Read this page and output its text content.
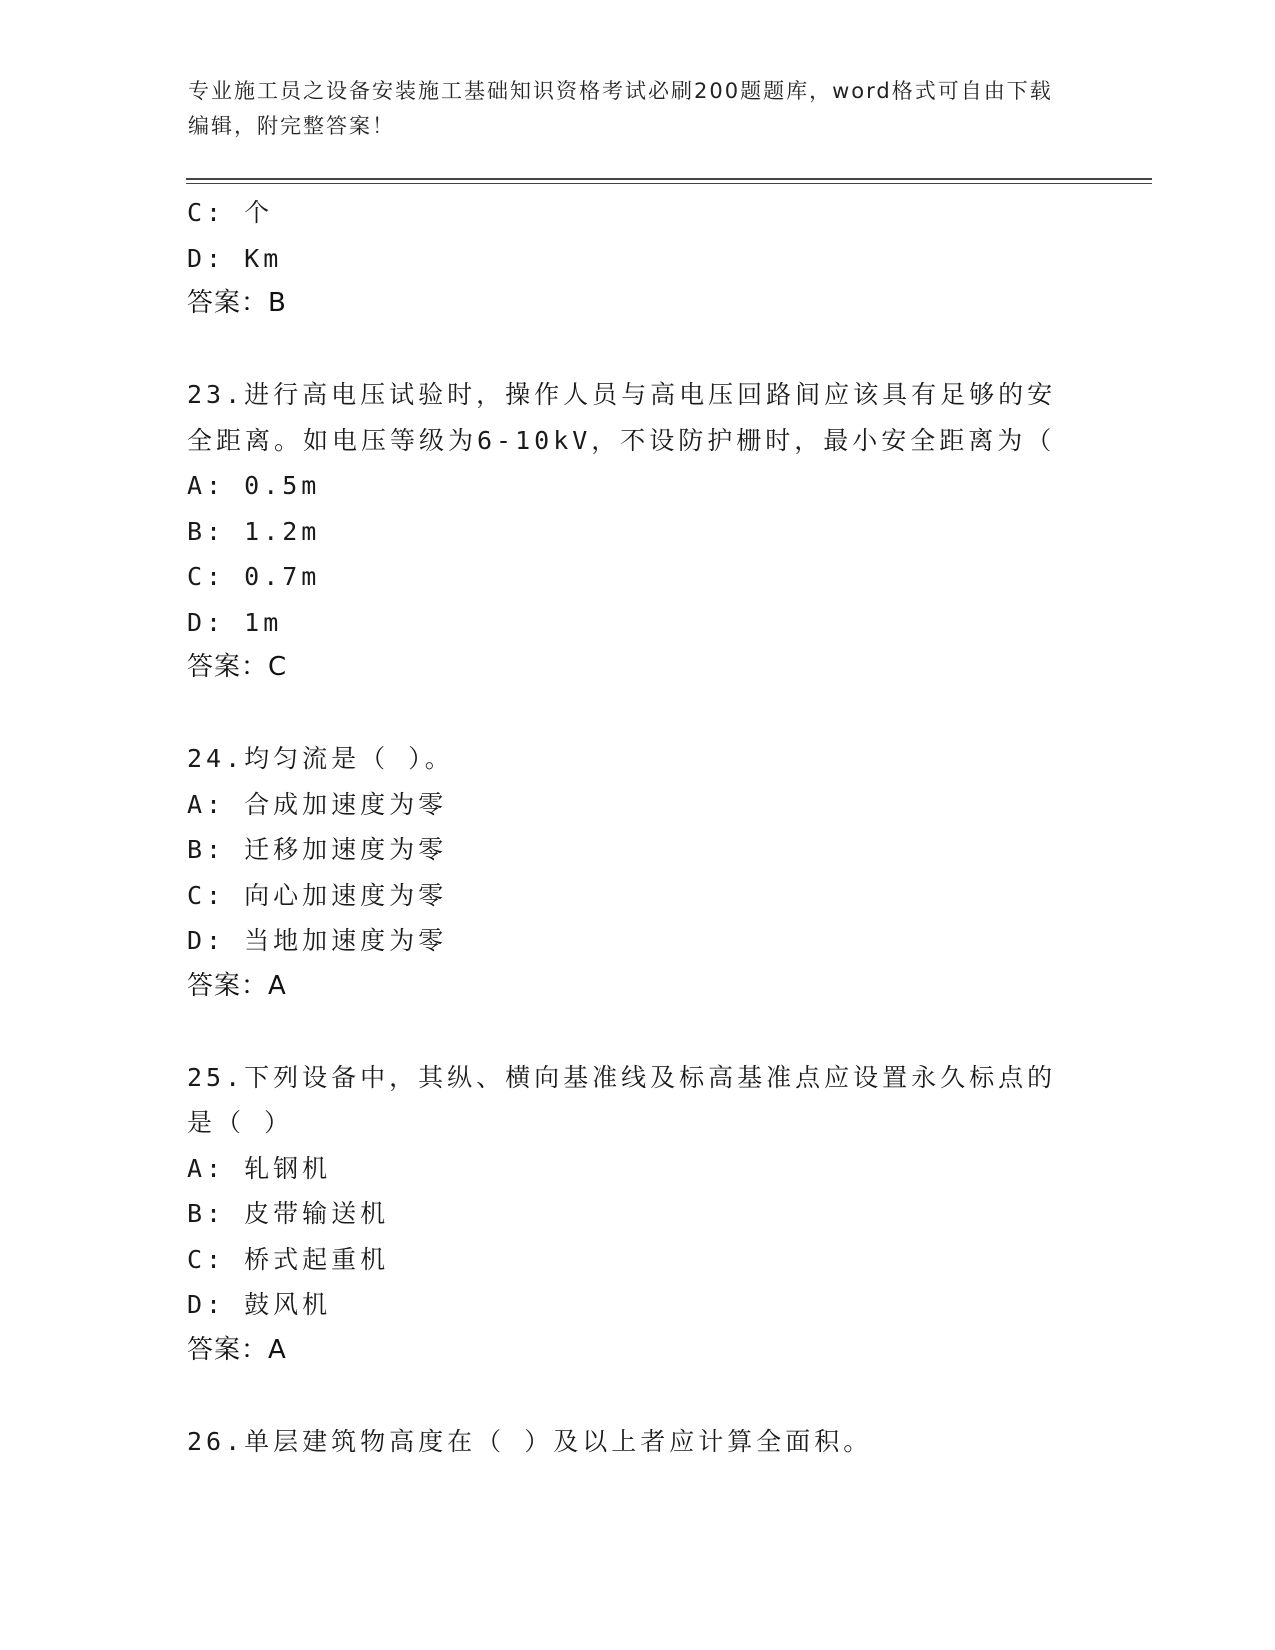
专业施工员之设备安装施工基础知识资格考试必刷200题题库，word格式可自由下载编辑，附完整答案！
C: 个
D: Km
答案：B
23.进行高电压试验时，操作人员与高电压回路间应该具有足够的安全距离。如电压等级为6-10kV，不设防护栅时，最小安全距离为（
A: 0.5m
B: 1.2m
C: 0.7m
D: 1m
答案：C
24.均匀流是（ ）。
A: 合成加速度为零
B: 迁移加速度为零
C: 向心加速度为零
D: 当地加速度为零
答案：A
25.下列设备中，其纵、横向基准线及标高基准点应设置永久标点的是（ ）
A: 轧钢机
B: 皮带输送机
C: 桥式起重机
D: 鼓风机
答案：A
26.单层建筑物高度在（ ）及以上者应计算全面积。
